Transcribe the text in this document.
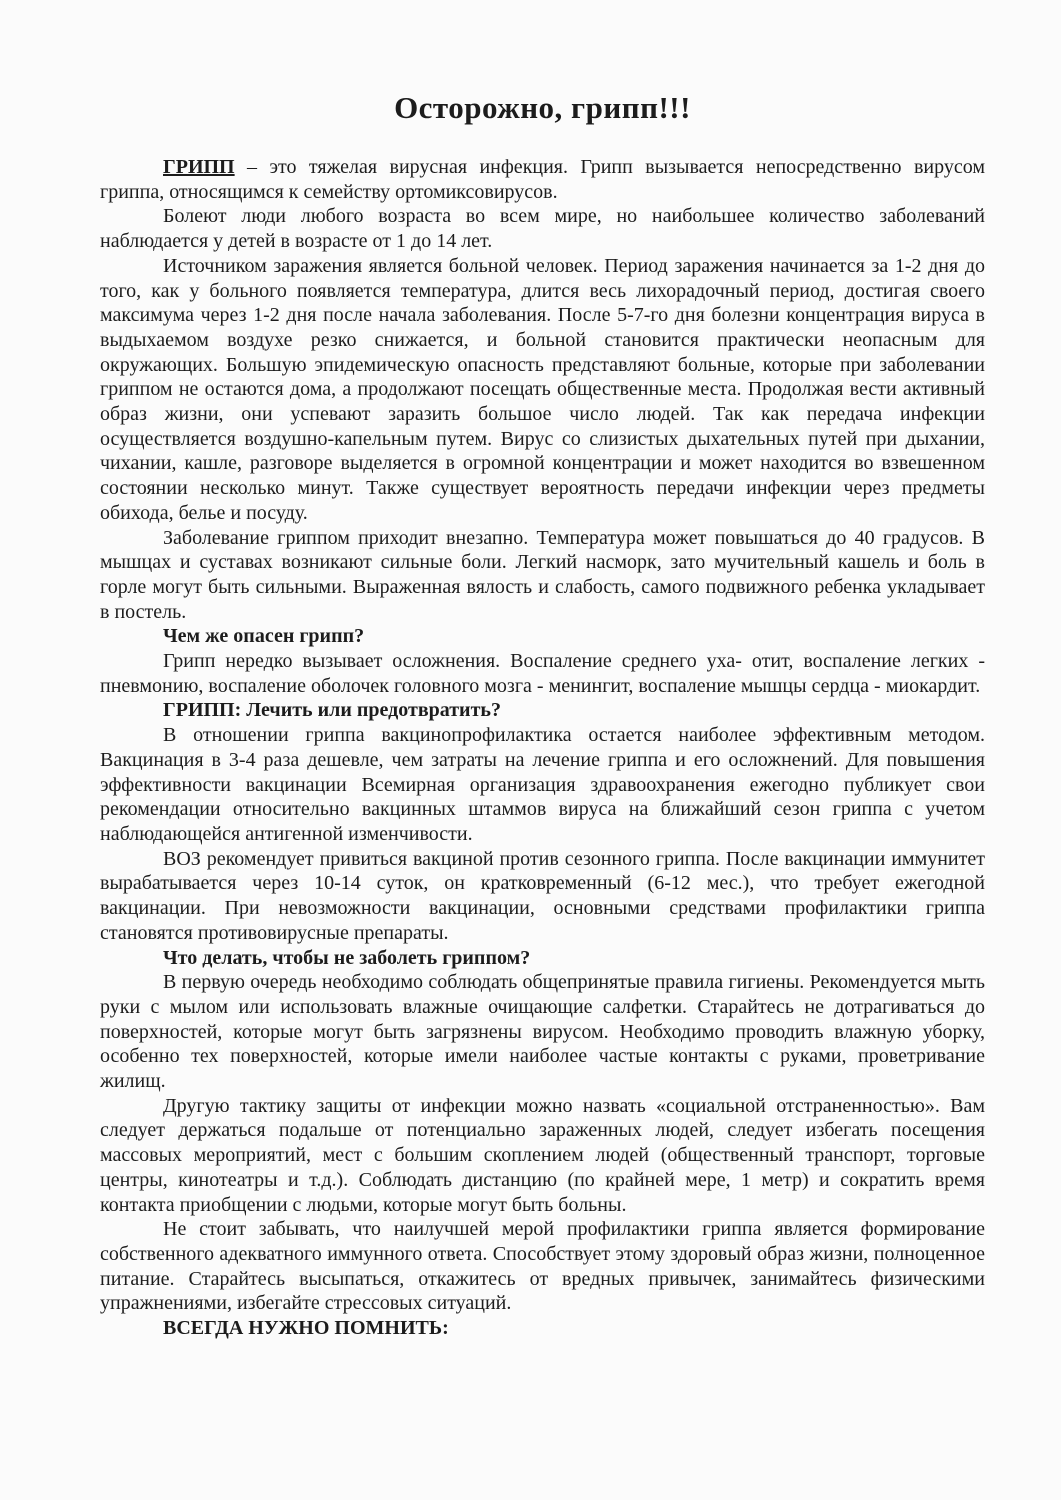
Осторожно, грипп!!!

ГРИПП – это тяжелая вирусная инфекция. Грипп вызывается непосредственно вирусом гриппа, относящимся к семейству ортомиксовирусов.

Болеют люди любого возраста во всем мире, но наибольшее количество заболеваний наблюдается у детей в возрасте от 1 до 14 лет.

Источником заражения является больной человек. Период заражения начинается за 1-2 дня до того, как у больного появляется температура, длится весь лихорадочный период, достигая своего максимума через 1-2 дня после начала заболевания. После 5-7-го дня болезни концентрация вируса в выдыхаемом воздухе резко снижается, и больной становится практически неопасным для окружающих. Большую эпидемическую опасность представляют больные, которые при заболевании гриппом не остаются дома, а продолжают посещать общественные места. Продолжая вести активный образ жизни, они успевают заразить большое число людей. Так как передача инфекции осуществляется воздушно-капельным путем. Вирус со слизистых дыхательных путей при дыхании, чихании, кашле, разговоре выделяется в огромной концентрации и может находится во взвешенном состоянии несколько минут. Также существует вероятность передачи инфекции через предметы обихода, белье и посуду.

Заболевание гриппом приходит внезапно. Температура может повышаться до 40 градусов. В мышцах и суставах возникают сильные боли. Легкий насморк, зато мучительный кашель и боль в горле могут быть сильными. Выраженная вялость и слабость, самого подвижного ребенка укладывает в постель.

Чем же опасен грипп?

Грипп нередко вызывает осложнения. Воспаление среднего уха- отит, воспаление легких - пневмонию, воспаление оболочек головного мозга - менингит, воспаление мышцы сердца - миокардит.

ГРИПП: Лечить или предотвратить?

В отношении гриппа вакцинопрофилактика остается наиболее эффективным методом. Вакцинация в 3-4 раза дешевле, чем затраты на лечение гриппа и его осложнений. Для повышения эффективности вакцинации Всемирная организация здравоохранения ежегодно публикует свои рекомендации относительно вакцинных штаммов вируса на ближайший сезон гриппа с учетом наблюдающейся антигенной изменчивости.

ВОЗ рекомендует привиться вакциной против сезонного гриппа. После вакцинации иммунитет вырабатывается через 10-14 суток, он кратковременный (6-12 мес.), что требует ежегодной вакцинации. При невозможности вакцинации, основными средствами профилактики гриппа становятся противовирусные препараты.

Что делать, чтобы не заболеть гриппом?

В первую очередь необходимо соблюдать общепринятые правила гигиены. Рекомендуется мыть руки с мылом или использовать влажные очищающие салфетки. Старайтесь не дотрагиваться до поверхностей, которые могут быть загрязнены вирусом. Необходимо проводить влажную уборку, особенно тех поверхностей, которые имели наиболее частые контакты с руками, проветривание жилищ.

Другую тактику защиты от инфекции можно назвать «социальной отстраненностью». Вам следует держаться подальше от потенциально зараженных людей, следует избегать посещения массовых мероприятий, мест с большим скоплением людей (общественный транспорт, торговые центры, кинотеатры и т.д.). Соблюдать дистанцию (по крайней мере, 1 метр) и сократить время контакта приобщении с людьми, которые могут быть больны.

Не стоит забывать, что наилучшей мерой профилактики гриппа является формирование собственного адекватного иммунного ответа. Способствует этому здоровый образ жизни, полноценное питание. Старайтесь высыпаться, откажитесь от вредных привычек, занимайтесь физическими упражнениями, избегайте стрессовых ситуаций.

ВСЕГДА НУЖНО ПОМНИТЬ:
